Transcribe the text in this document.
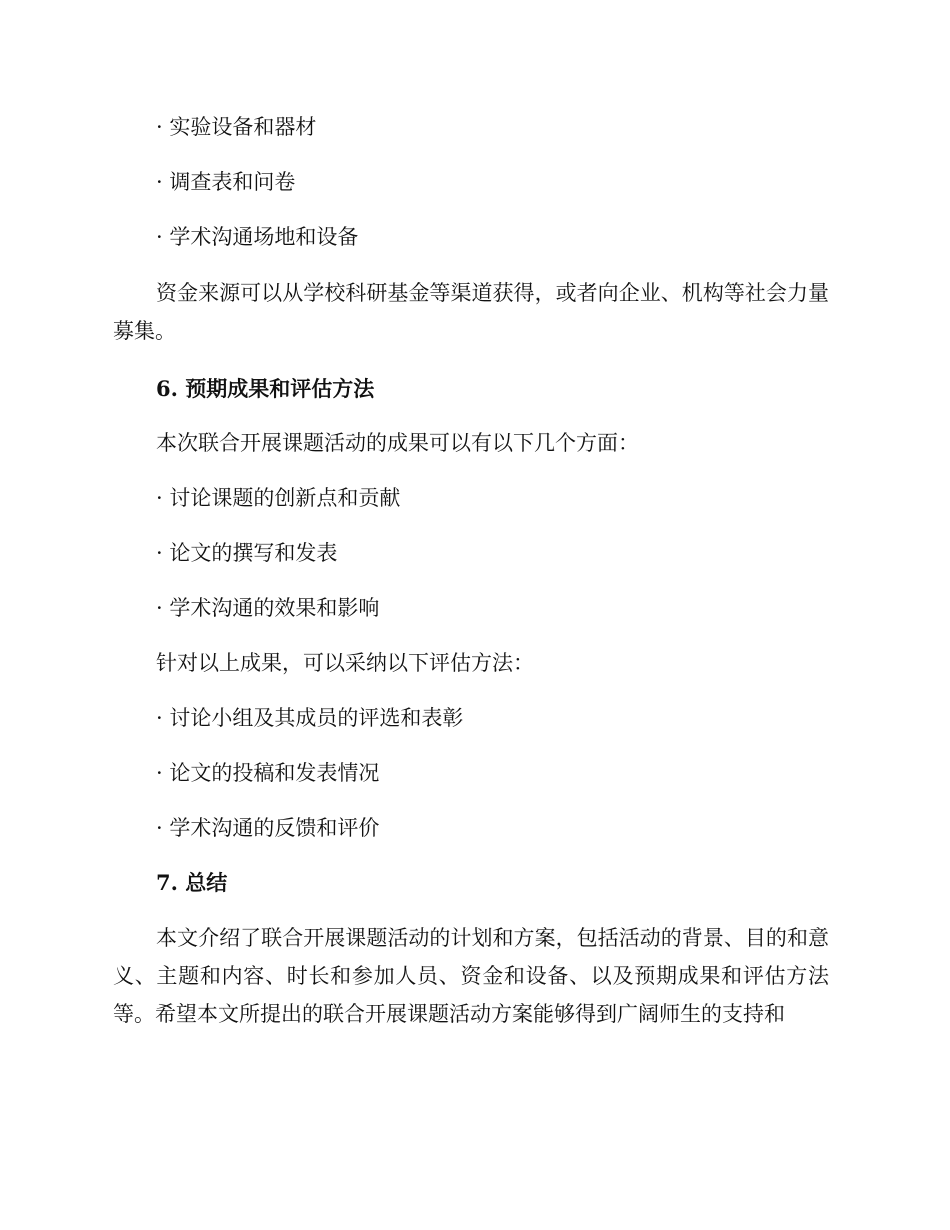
· 实验设备和器材
· 调查表和问卷
· 学术沟通场地和设备

资金来源可以从学校科研基金等渠道获得，或者向企业、机构等社会力量募集。

6. 预期成果和评估方法
本次联合开展课题活动的成果可以有以下几个方面：
· 讨论课题的创新点和贡献
· 论文的撰写和发表
· 学术沟通的效果和影响
针对以上成果，可以采纳以下评估方法：
· 讨论小组及其成员的评选和表彰
· 论文的投稿和发表情况
· 学术沟通的反馈和评价
7. 总结

本文介绍了联合开展课题活动的计划和方案，包括活动的背景、目的和意义、主题和内容、时长和参加人员、资金和设备、以及预期成果和评估方法等。希望本文所提出的联合开展课题活动方案能够得到广阔师生的支持和
